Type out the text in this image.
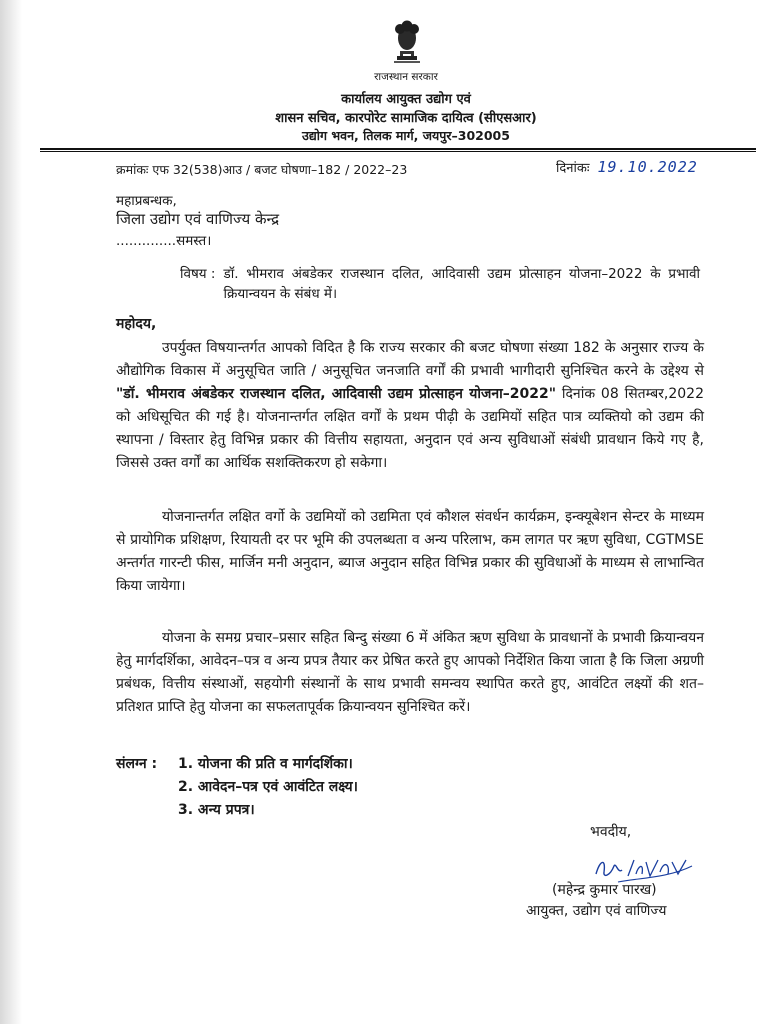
राजस्थान सरकार
कार्यालय आयुक्त उद्योग एवं
शासन सचिव, कारपोरेट सामाजिक दायित्व (सीएसआर)
उद्योग भवन, तिलक मार्ग, जयपुर–302005
क्रमांकः एफ 32(538)आउ / बजट घोषणा–182 / 2022–23	दिनांकः 19.10.2022
महाप्रबन्धक,
जिला उद्योग एवं वाणिज्य केन्द्र
..............समस्त।
विषय : डॉ. भीमराव अंबडेकर राजस्थान दलित, आदिवासी उद्यम प्रोत्साहन योजना–2022 के प्रभावी क्रियान्वयन के संबंध में।
महोदय,
उपर्युक्त विषयान्तर्गत आपको विदित है कि राज्य सरकार की बजट घोषणा संख्या 182 के अनुसार राज्य के औद्योगिक विकास में अनुसूचित जाति / अनुसूचित जनजाति वर्गों की प्रभावी भागीदारी सुनिश्चित करने के उद्देश्य से "डॉ. भीमराव अंबडेकर राजस्थान दलित, आदिवासी उद्यम प्रोत्साहन योजना–2022" दिनांक 08 सितम्बर,2022 को अधिसूचित की गई है। योजनान्तर्गत लक्षित वर्गों के प्रथम पीढ़ी के उद्यमियों सहित पात्र व्यक्तियो को उद्यम की स्थापना / विस्तार हेतु विभिन्न प्रकार की वित्तीय सहायता, अनुदान एवं अन्य सुविधाओं संबंधी प्रावधान किये गए है, जिससे उक्त वर्गों का आर्थिक सशक्तिकरण हो सकेगा।
योजनान्तर्गत लक्षित वर्गो के उद्यमियों को उद्यमिता एवं कौशल संवर्धन कार्यक्रम, इन्क्यूबेशन सेन्टर के माध्यम से प्रायोगिक प्रशिक्षण, रियायती दर पर भूमि की उपलब्धता व अन्य परिलाभ, कम लागत पर ऋण सुविधा, CGTMSE अन्तर्गत गारन्टी फीस, मार्जिन मनी अनुदान, ब्याज अनुदान सहित विभिन्न प्रकार की सुविधाओं के माध्यम से लाभान्वित किया जायेगा।
योजना के समग्र प्रचार–प्रसार सहित बिन्दु संख्या 6 में अंकित ऋण सुविधा के प्रावधानों के प्रभावी क्रियान्वयन हेतु मार्गदर्शिका, आवेदन–पत्र व अन्य प्रपत्र तैयार कर प्रेषित करते हुए आपको निर्देशित किया जाता है कि जिला अग्रणी प्रबंधक, वित्तीय संस्थाओं, सहयोगी संस्थानों के साथ प्रभावी समन्वय स्थापित करते हुए, आवंटित लक्ष्यों की शत–प्रतिशत प्राप्ति हेतु योजना का सफलतापूर्वक क्रियान्वयन सुनिश्चित करें।
संलग्न :	1. योजना की प्रति व मार्गदर्शिका।
2. आवेदन–पत्र एवं आवंटित लक्ष्य।
3. अन्य प्रपत्र।
भवदीय,
(महेन्द्र कुमार पारख)
आयुक्त, उद्योग एवं वाणिज्य
